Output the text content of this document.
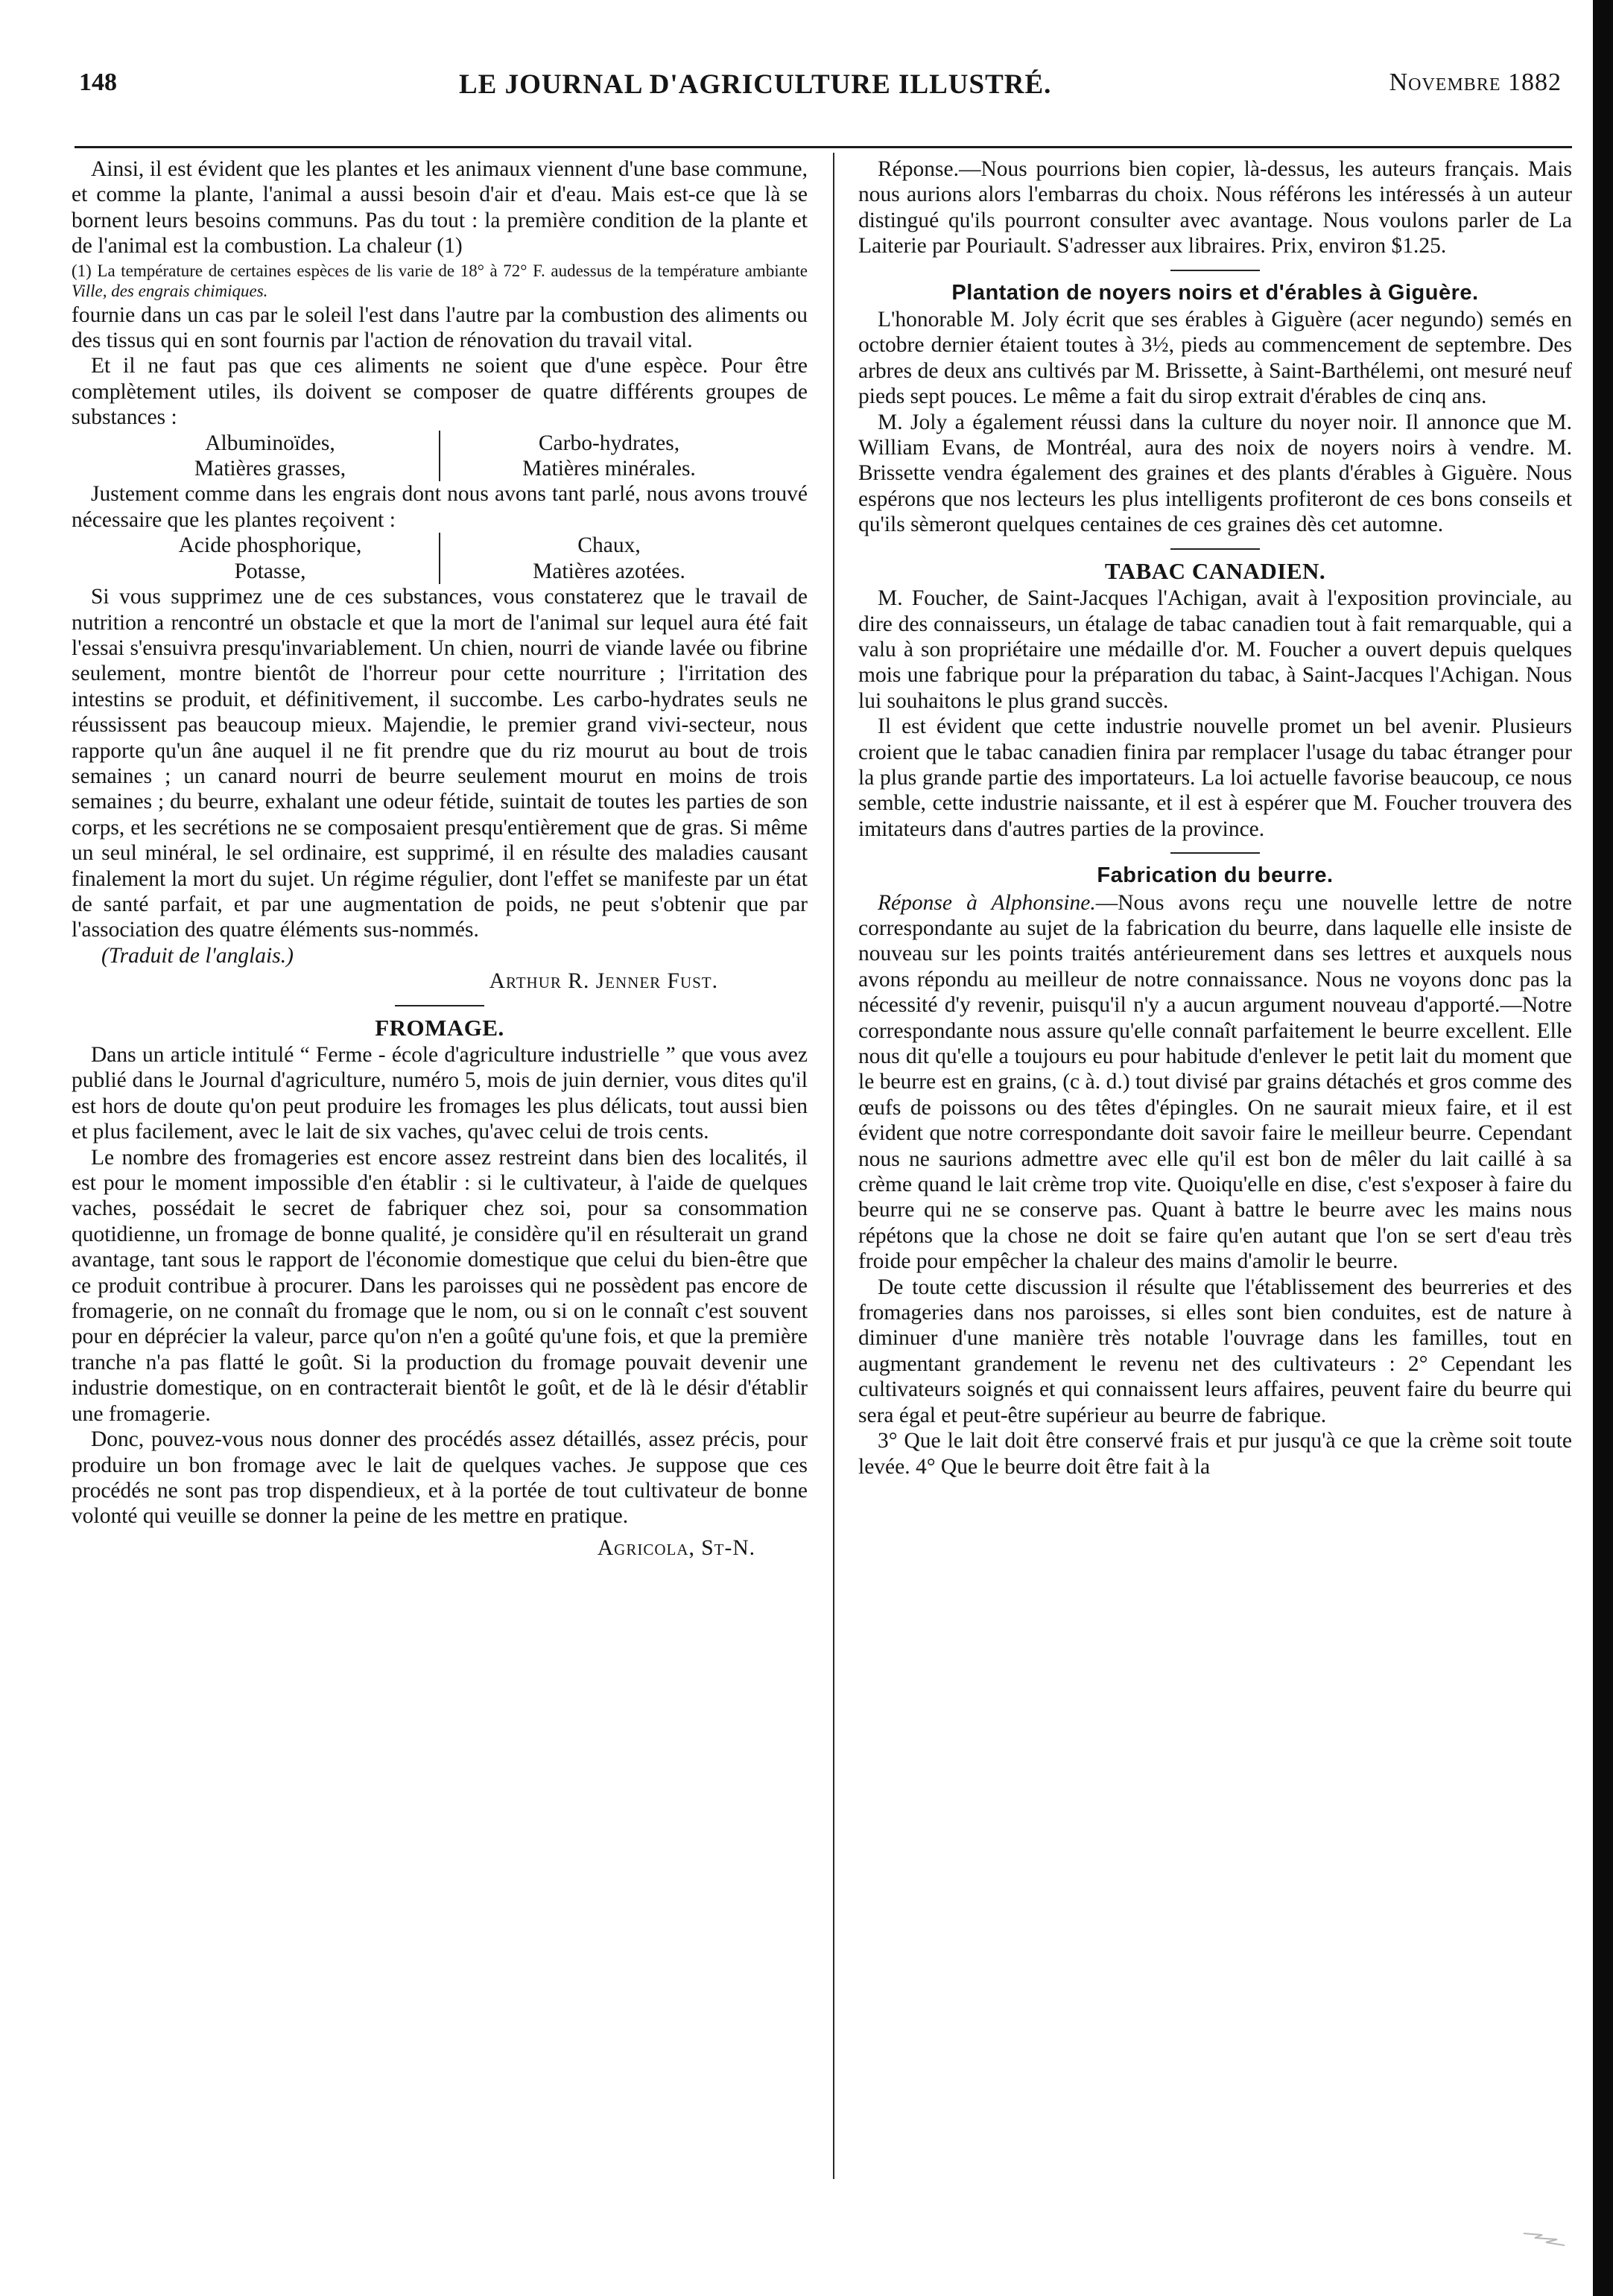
148	LE JOURNAL D'AGRICULTURE ILLUSTRÉ.	Novembre 1882

Ainsi, il est évident que les plantes et les animaux viennent d'une base commune, et comme la plante, l'animal a aussi besoin d'air et d'eau. Mais est-ce que là se bornent leurs besoins communs. Pas du tout : la première condition de la plante et de l'animal est la combustion. La chaleur (1)

(1) La température de certaines espèces de lis varie de 18° à 72° F. audessus de la température ambiante Ville, des engrais chimiques.

fournie dans un cas par le soleil l'est dans l'autre par la combustion des aliments ou des tissus qui en sont fournis par l'action de rénovation du travail vital.

Et il ne faut pas que ces aliments ne soient que d'une espèce. Pour être complètement utiles, ils doivent se composer de quatre différents groupes de substances :

Albuminoïdes,	Carbo-hydrates,
Matières grasses,	Matières minérales.

Justement comme dans les engrais dont nous avons tant parlé, nous avons trouvé nécessaire que les plantes reçoivent :

Acide phosphorique,	Chaux,
Potasse,	Matières azotées.

Si vous supprimez une de ces substances, vous constaterez que le travail de nutrition a rencontré un obstacle et que la mort de l'animal sur lequel aura été fait l'essai s'ensuivra presqu'invariablement. Un chien, nourri de viande lavée ou fibrine seulement, montre bientôt de l'horreur pour cette nourriture ; l'irritation des intestins se produit, et définitivement, il succombe. Les carbo-hydrates seuls ne réussissent pas beaucoup mieux. Majendie, le premier grand vivi-secteur, nous rapporte qu'un âne auquel il ne fit prendre que du riz mourut au bout de trois semaines ; un canard nourri de beurre seulement mourut en moins de trois semaines ; du beurre, exhalant une odeur fétide, suintait de toutes les parties de son corps, et les secrétions ne se composaient presqu'entièrement que de gras. Si même un seul minéral, le sel ordinaire, est supprimé, il en résulte des maladies causant finalement la mort du sujet. Un régime régulier, dont l'effet se manifeste par un état de santé parfait, et par une augmentation de poids, ne peut s'obtenir que par l'association des quatre éléments sus-nommés.

(Traduit de l'anglais.)

Arthur R. Jenner Fust.

FROMAGE.

Dans un article intitulé “ Ferme - école d'agriculture industrielle ” que vous avez publié dans le Journal d'agriculture, numéro 5, mois de juin dernier, vous dites qu'il est hors de doute qu'on peut produire les fromages les plus délicats, tout aussi bien et plus facilement, avec le lait de six vaches, qu'avec celui de trois cents.

Le nombre des fromageries est encore assez restreint dans bien des localités, il est pour le moment impossible d'en établir : si le cultivateur, à l'aide de quelques vaches, possédait le secret de fabriquer chez soi, pour sa consommation quotidienne, un fromage de bonne qualité, je considère qu'il en résulterait un grand avantage, tant sous le rapport de l'économie domestique que celui du bien-être que ce produit contribue à procurer. Dans les paroisses qui ne possèdent pas encore de fromagerie, on ne connaît du fromage que le nom, ou si on le connaît c'est souvent pour en déprécier la valeur, parce qu'on n'en a goûté qu'une fois, et que la première tranche n'a pas flatté le goût. Si la production du fromage pouvait devenir une industrie domestique, on en contracterait bientôt le goût, et de là le désir d'établir une fromagerie.

Donc, pouvez-vous nous donner des procédés assez détaillés, assez précis, pour produire un bon fromage avec le lait de quelques vaches. Je suppose que ces procédés ne sont pas trop dispendieux, et à la portée de tout cultivateur de bonne volonté qui veuille se donner la peine de les mettre en pratique.

Agricola, St-N.

Réponse.—Nous pourrions bien copier, là-dessus, les auteurs français. Mais nous aurions alors l'embarras du choix. Nous référons les intéressés à un auteur distingué qu'ils pourront consulter avec avantage. Nous voulons parler de La Laiterie par Pouriault. S'adresser aux libraires. Prix, environ $1.25.

Plantation de noyers noirs et d'érables à Giguère.

L'honorable M. Joly écrit que ses érables à Giguère (acer negundo) semés en octobre dernier étaient toutes à 3½, pieds au commencement de septembre. Des arbres de deux ans cultivés par M. Brissette, à Saint-Barthélemi, ont mesuré neuf pieds sept pouces. Le même a fait du sirop extrait d'érables de cinq ans.

M. Joly a également réussi dans la culture du noyer noir. Il annonce que M. William Evans, de Montréal, aura des noix de noyers noirs à vendre. M. Brissette vendra également des graines et des plants d'érables à Giguère. Nous espérons que nos lecteurs les plus intelligents profiteront de ces bons conseils et qu'ils sèmeront quelques centaines de ces graines dès cet automne.

TABAC CANADIEN.

M. Foucher, de Saint-Jacques l'Achigan, avait à l'exposition provinciale, au dire des connaisseurs, un étalage de tabac canadien tout à fait remarquable, qui a valu à son propriétaire une médaille d'or. M. Foucher a ouvert depuis quelques mois une fabrique pour la préparation du tabac, à Saint-Jacques l'Achigan. Nous lui souhaitons le plus grand succès.

Il est évident que cette industrie nouvelle promet un bel avenir. Plusieurs croient que le tabac canadien finira par remplacer l'usage du tabac étranger pour la plus grande partie des importateurs. La loi actuelle favorise beaucoup, ce nous semble, cette industrie naissante, et il est à espérer que M. Foucher trouvera des imitateurs dans d'autres parties de la province.

Fabrication du beurre.

Réponse à Alphonsine.—Nous avons reçu une nouvelle lettre de notre correspondante au sujet de la fabrication du beurre, dans laquelle elle insiste de nouveau sur les points traités antérieurement dans ses lettres et auxquels nous avons répondu au meilleur de notre connaissance. Nous ne voyons donc pas la nécessité d'y revenir, puisqu'il n'y a aucun argument nouveau d'apporté.—Notre correspondante nous assure qu'elle connaît parfaitement le beurre excellent. Elle nous dit qu'elle a toujours eu pour habitude d'enlever le petit lait du moment que le beurre est en grains, (c à. d.) tout divisé par grains détachés et gros comme des œufs de poissons ou des têtes d'épingles. On ne saurait mieux faire, et il est évident que notre correspondante doit savoir faire le meilleur beurre. Cependant nous ne saurions admettre avec elle qu'il est bon de mêler du lait caillé à sa crème quand le lait crème trop vite. Quoiqu'elle en dise, c'est s'exposer à faire du beurre qui ne se conserve pas. Quant à battre le beurre avec les mains nous répétons que la chose ne doit se faire qu'en autant que l'on se sert d'eau très froide pour empêcher la chaleur des mains d'amolir le beurre.

De toute cette discussion il résulte que l'établissement des beurreries et des fromageries dans nos paroisses, si elles sont bien conduites, est de nature à diminuer d'une manière très notable l'ouvrage dans les familles, tout en augmentant grandement le revenu net des cultivateurs : 2° Cependant les cultivateurs soignés et qui connaissent leurs affaires, peuvent faire du beurre qui sera égal et peut-être supérieur au beurre de fabrique.

3° Que le lait doit être conservé frais et pur jusqu'à ce que la crème soit toute levée. 4° Que le beurre doit être fait à la
